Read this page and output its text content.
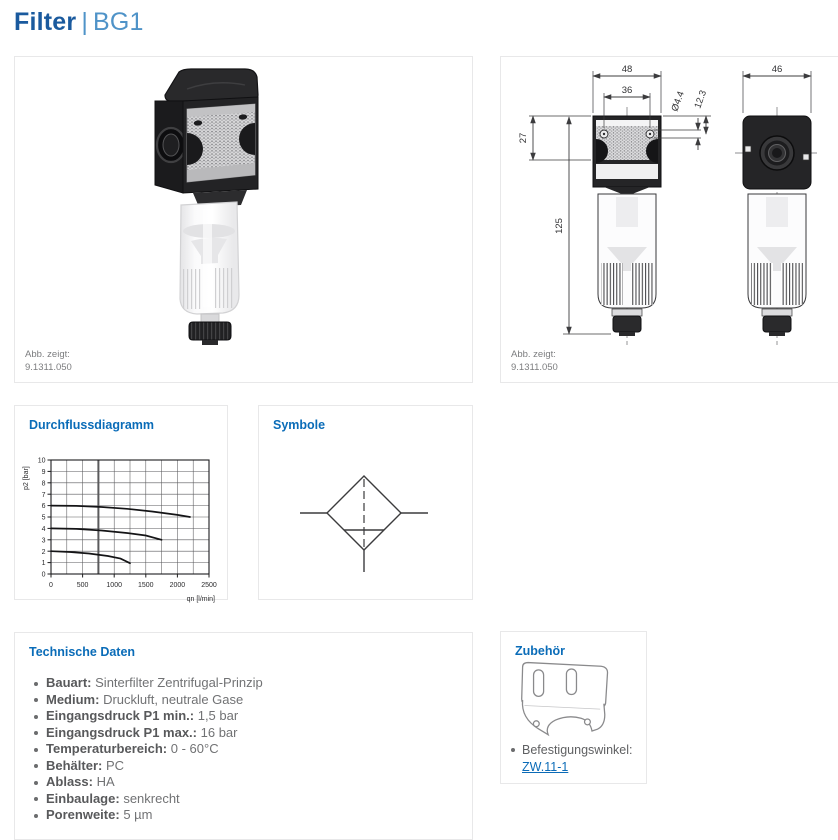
Filter | BG1
Abb. zeigt:
9.1311.050
48
36
27
125
Ø4.4 12.3
46
Abb. zeigt:
9.1311.050
Durchflussdiagramm
0	500	1000 1500 2000 2500
0
1
2
3
4
5
6
7
8
9
10
p2 [bar]
qn [l/min]
Symbole
Technische Daten
Bauart: Sinterfilter Zentrifugal-Prinzip
Medium: Druckluft, neutrale Gase
Eingangsdruck P1 min.: 1,5 bar
Eingangsdruck P1 max.: 16 bar
Temperaturbereich: 0 - 60°C
Behälter: PC
Ablass: HA
Einbaulage: senkrecht
Porenweite: 5 µm
Zubehör
Befestigungswinkel:
ZW.11-1
